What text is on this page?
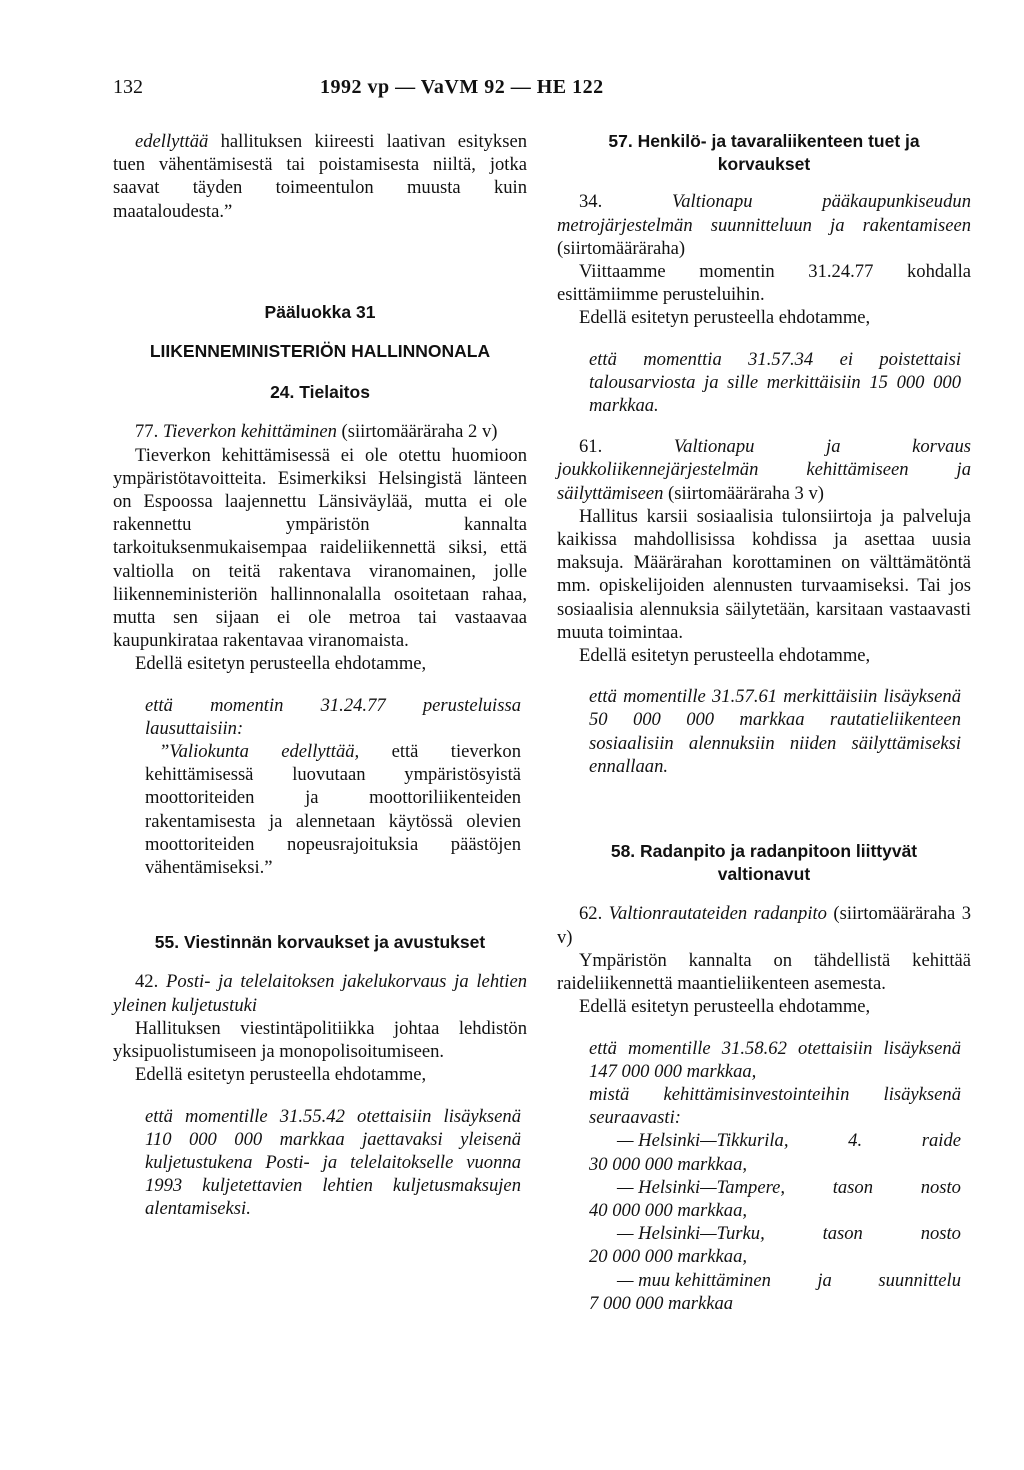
132	1992 vp — VaVM 92 — HE 122

edellyttää hallituksen kiireesti laativan esityksen tuen vähentämisestä tai poistamisesta niiltä, jotka saavat täyden toimeentulon muusta kuin maataloudesta.”

Pääluokka 31

LIIKENNEMINISTERIÖN HALLINNONALA

24. Tielaitos

77. Tieverkon kehittäminen (siirtomääräraha 2 v)

Tieverkon kehittämisessä ei ole otettu huomioon ympäristötavoitteita. Esimerkiksi Helsingistä länteen on Espoossa laajennettu Länsiväylää, mutta ei ole rakennettu ympäristön kannalta tarkoituksenmukaisempaa raideliikennettä siksi, että valtiolla on teitä rakentava viranomainen, jolle liikenneministeriön hallinnonalalla osoitetaan rahaa, mutta sen sijaan ei ole metroa tai vastaavaa kaupunkirataa rakentavaa viranomaista.

Edellä esitetyn perusteella ehdotamme,

että momentin 31.24.77 perusteluissa lausuttaisiin:

”Valiokunta edellyttää, että tieverkon kehittämisessä luovutaan ympäristösyistä moottoriteiden ja moottoriliikenteiden rakentamisesta ja alennetaan käytössä olevien moottoriteiden nopeusrajoituksia päästöjen vähentämiseksi.”

55. Viestinnän korvaukset ja avustukset

42. Posti- ja telelaitoksen jakelukorvaus ja lehtien yleinen kuljetustuki

Hallituksen viestintäpolitiikka johtaa lehdistön yksipuolistumiseen ja monopolisoitumiseen.

Edellä esitetyn perusteella ehdotamme,

että momentille 31.55.42 otettaisiin lisäyksenä 110 000 000 markkaa jaettavaksi yleisenä kuljetustukena Posti- ja telelaitokselle vuonna 1993 kuljetettavien lehtien kuljetusmaksujen alentamiseksi.

57. Henkilö- ja tavaraliikenteen tuet ja korvaukset

34. Valtionapu pääkaupunkiseudun metrojärjestelmän suunnitteluun ja rakentamiseen (siirtomääräraha)

Viittaamme momentin 31.24.77 kohdalla esittämiimme perusteluihin.

Edellä esitetyn perusteella ehdotamme,

että momenttia 31.57.34 ei poistettaisi talousarviosta ja sille merkittäisiin 15 000 000 markkaa.

61. Valtionapu ja korvaus joukkoliikennejärjestelmän kehittämiseen ja säilyttämiseen (siirtomääräraha 3 v)

Hallitus karsii sosiaalisia tulonsiirtoja ja palveluja kaikissa mahdollisissa kohdissa ja asettaa uusia maksuja. Määrärahan korottaminen on välttämätöntä mm. opiskelijoiden alennusten turvaamiseksi. Tai jos sosiaalisia alennuksia säilytetään, karsitaan vastaavasti muuta toimintaa.

Edellä esitetyn perusteella ehdotamme,

että momentille 31.57.61 merkittäisiin lisäyksenä 50 000 000 markkaa rautatieliikenteen sosiaalisiin alennuksiin niiden säilyttämiseksi ennallaan.

58. Radanpito ja radanpitoon liittyvät valtionavut

62. Valtionrautateiden radanpito (siirtomääräraha 3 v)

Ympäristön kannalta on tähdellistä kehittää raideliikennettä maantieliikenteen asemesta.

Edellä esitetyn perusteella ehdotamme,

että momentille 31.58.62 otettaisiin lisäyksenä 147 000 000 markkaa,

mistä kehittämisinvestointeihin lisäyksenä seuraavasti:

— Helsinki—Tikkurila,	4.	raide

30 000 000 markkaa,

— Helsinki—Tampere,	tason	nosto

40 000 000 markkaa,

— Helsinki—Turku,	tason	nosto

20 000 000 markkaa,

— muu kehittäminen	ja	suunnittelu

7 000 000 markkaa
